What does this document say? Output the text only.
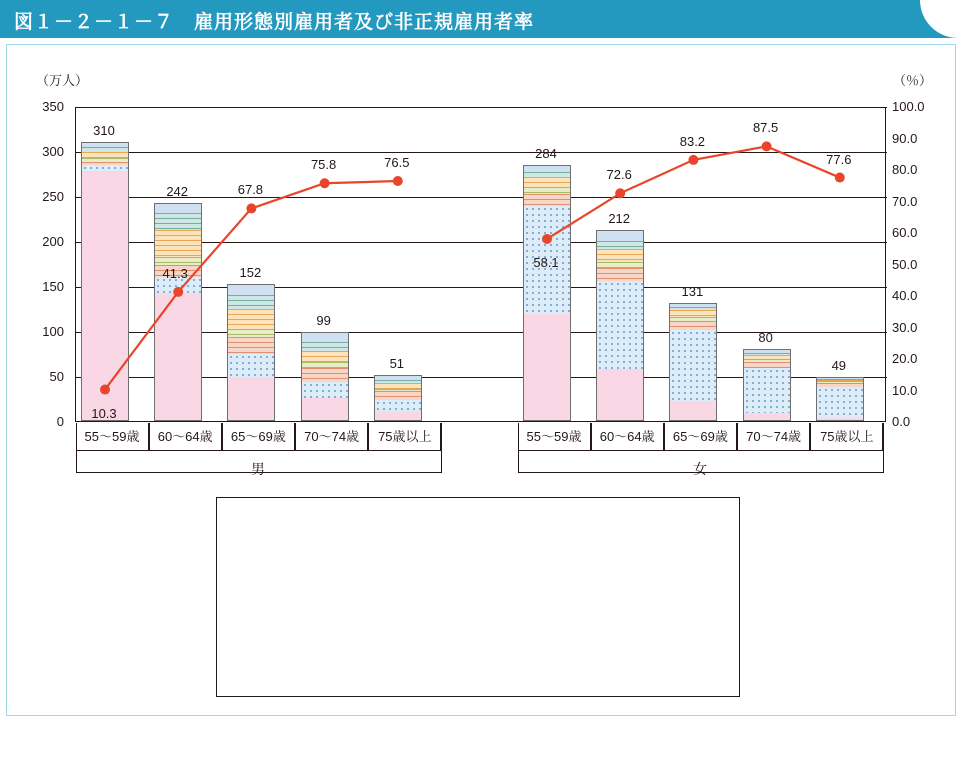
図１－２－１－７　雇用形態別雇用者及び非正規雇用者率
（万人）	（％）
350
300
250
200
150
100
50
0
100.0
90.0
80.0
70.0
60.0
50.0
40.0
30.0
20.0
10.0
0.0
310
242
152
99
51
284
212
131
80
49
10.3
41.3
67.8
75.8	76.5
58.1
72.6
83.2
87.5
77.6
55〜59歳	60〜64歳	65〜69歳	70〜74歳	75歳以上
男
55〜59歳	60〜64歳	65〜69歳	70〜74歳	75歳以上
女
